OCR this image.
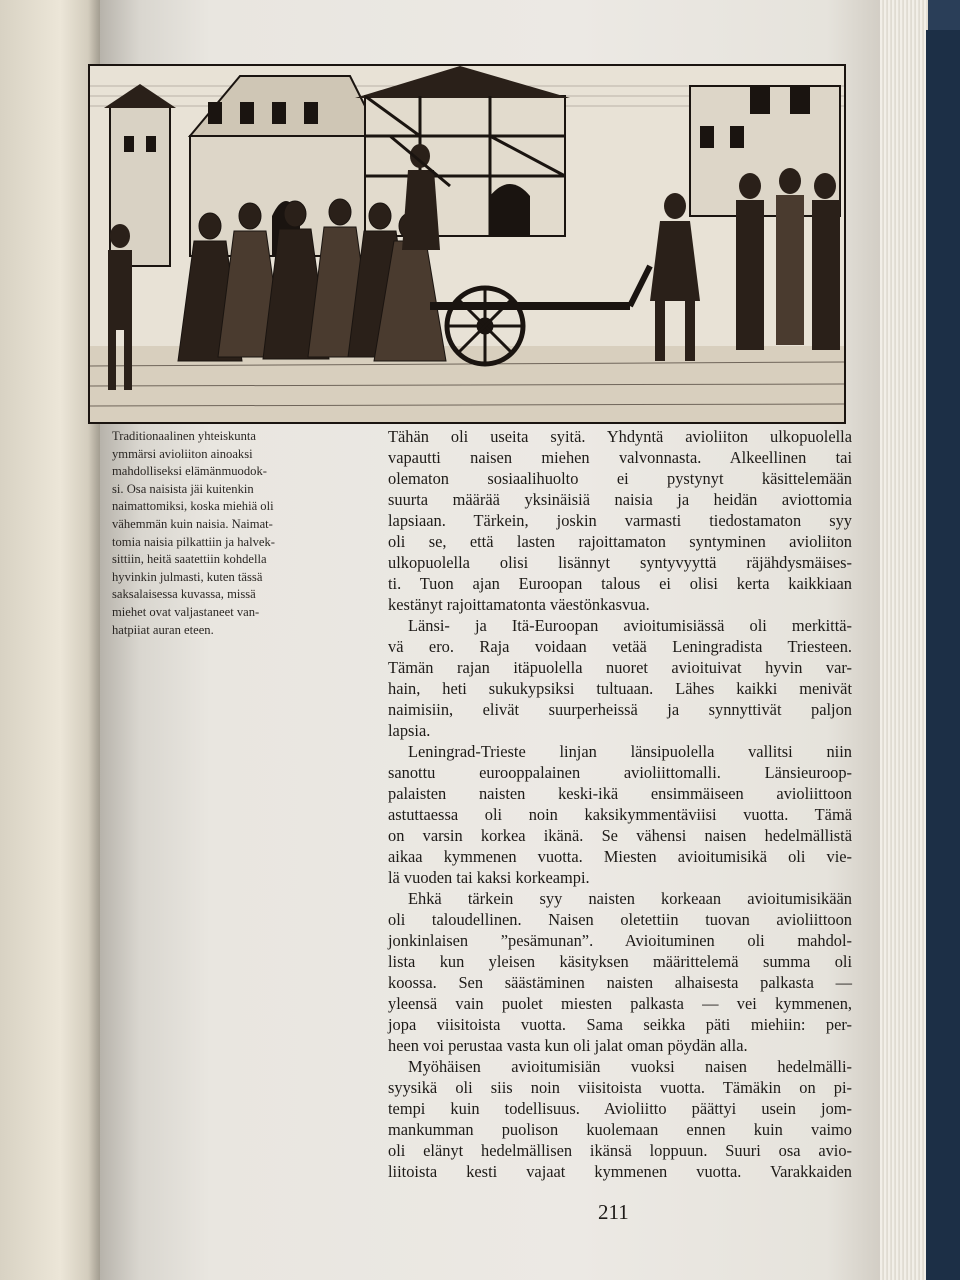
Traditionaalinen yhteiskunta
ymmärsi avioliiton ainoaksi
mahdolliseksi elämänmuodok-
si. Osa naisista jäi kuitenkin
naimattomiksi, koska miehiä oli
vähemmän kuin naisia. Naimat-
tomia naisia pilkattiin ja halvek-
sittiin, heitä saatettiin kohdella
hyvinkin julmasti, kuten tässä
saksalaisessa kuvassa, missä
miehet ovat valjastaneet van-
hatpiiat auran eteen.
Tähän oli useita syitä. Yhdyntä avioliiton ulkopuolella
vapautti naisen miehen valvonnasta. Alkeellinen tai
olematon sosiaalihuolto ei pystynyt käsittelemään
suurta määrää yksinäisiä naisia ja heidän aviottomia
lapsiaan. Tärkein, joskin varmasti tiedostamaton syy
oli se, että lasten rajoittamaton syntyminen avioliiton
ulkopuolella olisi lisännyt syntyvyyttä räjähdysmäises-
ti. Tuon ajan Euroopan talous ei olisi kerta kaikkiaan
kestänyt rajoittamatonta väestönkasvua.
Länsi- ja Itä-Euroopan avioitumisiässä oli merkittä-
vä ero. Raja voidaan vetää Leningradista Triesteen.
Tämän rajan itäpuolella nuoret avioituivat hyvin var-
hain, heti sukukypsiksi tultuaan. Lähes kaikki menivät
naimisiin, elivät suurperheissä ja synnyttivät paljon
lapsia.
Leningrad-Trieste linjan länsipuolella vallitsi niin
sanottu eurooppalainen avioliittomalli. Länsieuroop-
palaisten naisten keski-ikä ensimmäiseen avioliittoon
astuttaessa oli noin kaksikymmentäviisi vuotta. Tämä
on varsin korkea ikänä. Se vähensi naisen hedelmällistä
aikaa kymmenen vuotta. Miesten avioitumisikä oli vie-
lä vuoden tai kaksi korkeampi.
Ehkä tärkein syy naisten korkeaan avioitumisikään
oli taloudellinen. Naisen oletettiin tuovan avioliittoon
jonkinlaisen ”pesämunan”. Avioituminen oli mahdol-
lista kun yleisen käsityksen määrittelemä summa oli
koossa. Sen säästäminen naisten alhaisesta palkasta —
yleensä vain puolet miesten palkasta — vei kymmenen,
jopa viisitoista vuotta. Sama seikka päti miehiin: per-
heen voi perustaa vasta kun oli jalat oman pöydän alla.
Myöhäisen avioitumisiän vuoksi naisen hedelmälli-
syysikä oli siis noin viisitoista vuotta. Tämäkin on pi-
tempi kuin todellisuus. Avioliitto päättyi usein jom-
mankumman puolison kuolemaan ennen kuin vaimo
oli elänyt hedelmällisen ikänsä loppuun. Suuri osa avio-
liitoista kesti vajaat kymmenen vuotta. Varakkaiden
211
